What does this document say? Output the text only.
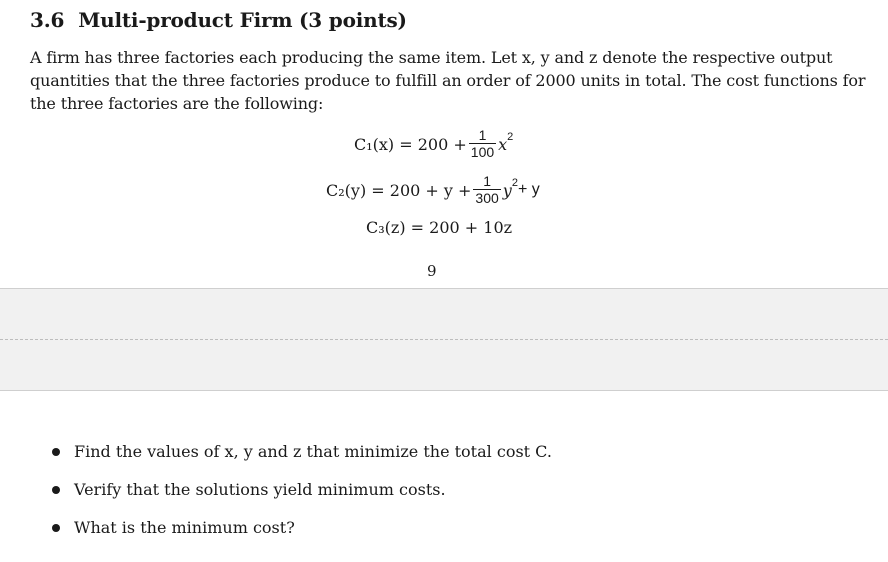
3.6 Multi-product Firm (3 points)
A firm has three factories each producing the same item. Let x, y and z denote the respective output
quantities that the three factories produce to fulfill an order of 2000 units in total. The cost functions for
the three factories are the following:
$C_1(x) = 200 + \frac{1}{100}$ x 2
$C_2(y) = 200 + y + \frac{1}{300}$ y 2 + y
C₃(z) = 200 + 10z
9
Find the values of x, y and z that minimize the total cost C.
Verify that the solutions yield minimum costs.
What is the minimum cost?
